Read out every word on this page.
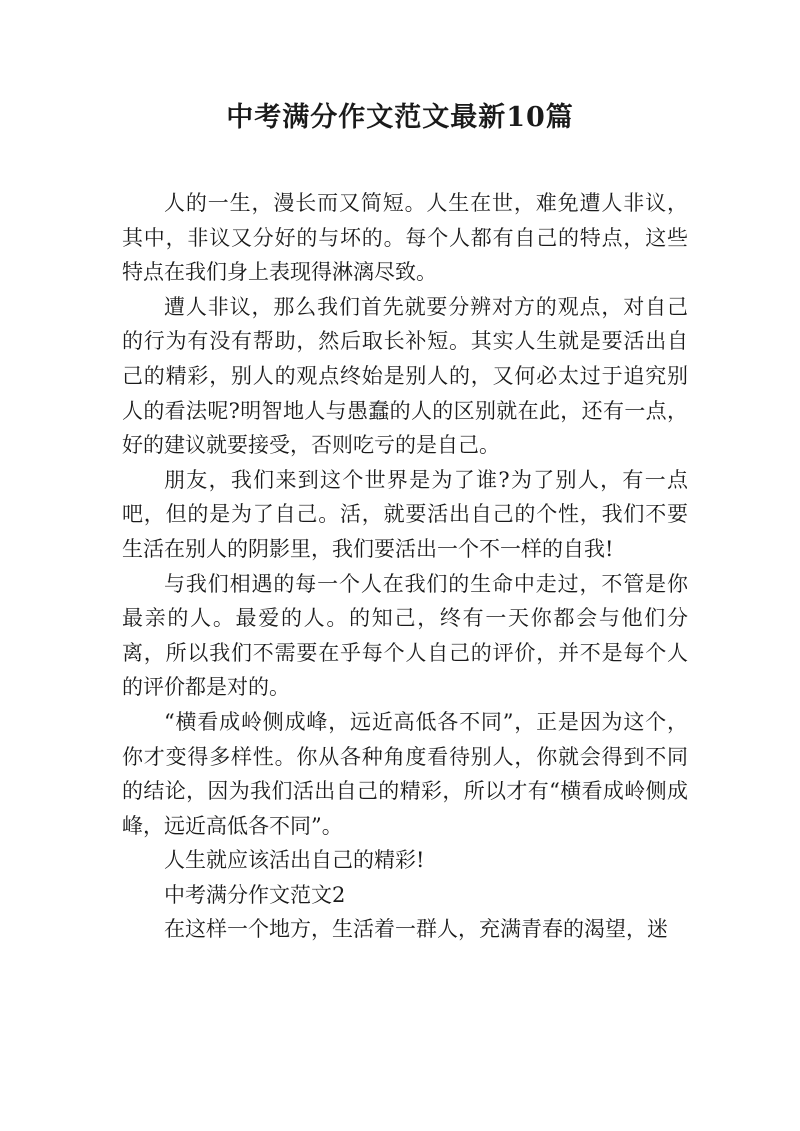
中考满分作文范文最新10篇

人的一生，漫长而又简短。人生在世，难免遭人非议，其中，非议又分好的与坏的。每个人都有自己的特点，这些特点在我们身上表现得淋漓尽致。

遭人非议，那么我们首先就要分辨对方的观点，对自己的行为有没有帮助，然后取长补短。其实人生就是要活出自己的精彩，别人的观点终始是别人的，又何必太过于追究别人的看法呢?明智地人与愚蠢的人的区别就在此，还有一点，好的建议就要接受，否则吃亏的是自己。

朋友，我们来到这个世界是为了谁?为了别人，有一点吧，但的是为了自己。活，就要活出自己的个性，我们不要生活在别人的阴影里，我们要活出一个不一样的自我!

与我们相遇的每一个人在我们的生命中走过，不管是你最亲的人。最爱的人。的知己，终有一天你都会与他们分离，所以我们不需要在乎每个人自己的评价，并不是每个人的评价都是对的。

“横看成岭侧成峰，远近高低各不同”，正是因为这个，你才变得多样性。你从各种角度看待别人，你就会得到不同的结论，因为我们活出自己的精彩，所以才有“横看成岭侧成峰，远近高低各不同”。

人生就应该活出自己的精彩!

中考满分作文范文2

在这样一个地方，生活着一群人，充满青春的渴望，迷
